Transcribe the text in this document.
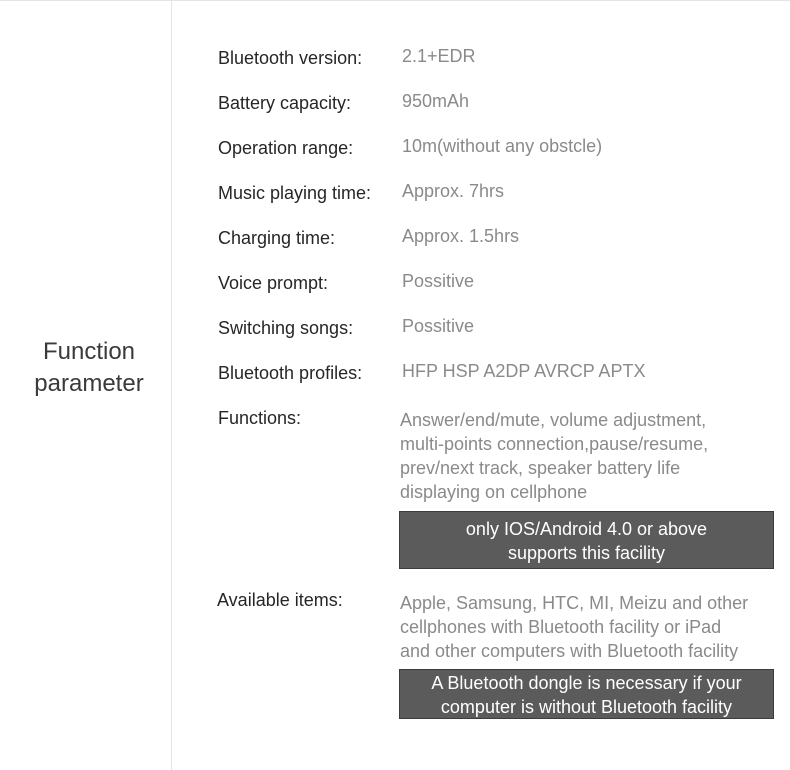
Function
parameter
Bluetooth version: 2.1+EDR
Battery capacity:	950mAh
Operation range:	10m(without any obstcle)
Music playing time: Approx. 7hrs
Charging time:	Approx. 1.5hrs
Voice prompt:	Possitive
Switching songs:	Possitive
Bluetooth profiles: HFP HSP A2DP AVRCP APTX
Functions:	Answer/end/mute, volume adjustment,
multi-points connection,pause/resume,
prev/next track, speaker battery life
displaying on cellphone
only IOS/Android 4.0 or above
supports this facility
Available items:	Apple, Samsung, HTC, MI, Meizu and other
cellphones with Bluetooth facility or iPad
and other computers with Bluetooth facility
A Bluetooth dongle is necessary if your
computer is without Bluetooth facility
